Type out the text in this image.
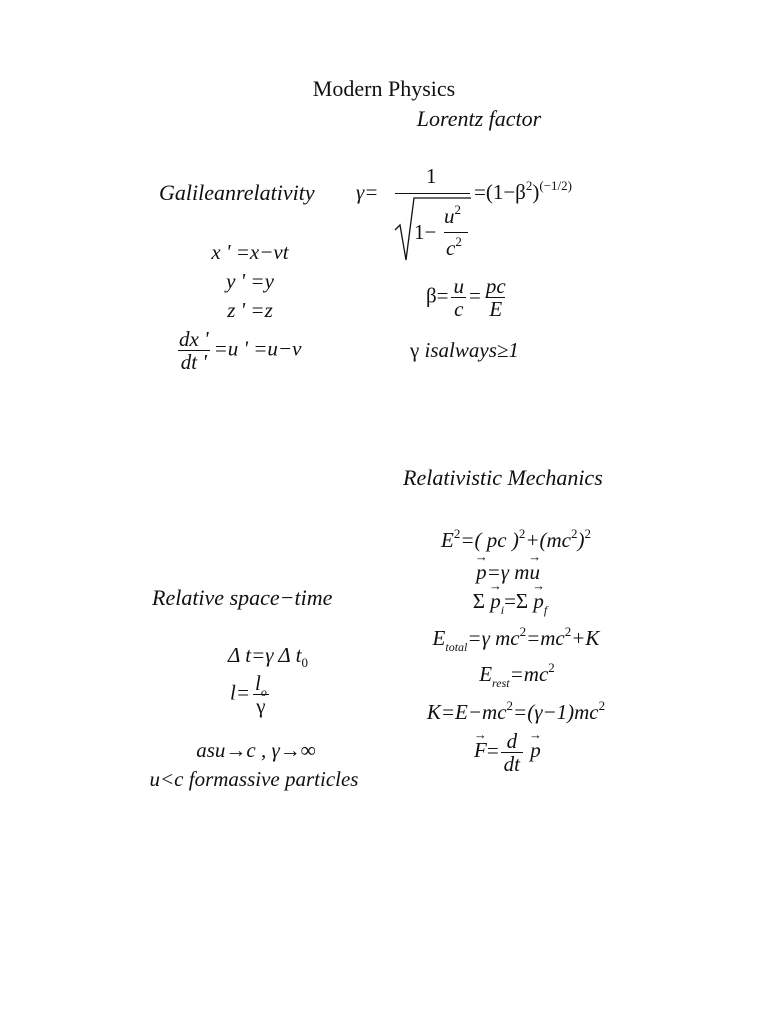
Modern Physics
Lorentz factor
Galileanrelativity
x ' =x−vt
y ' =y
z ' =z
$\frac{dx '}{dt '} =u$ ' =u−v
γ=
1
1−
$u^2$
$c^2$
$=(1-\beta^2)^{(-1/2)}$
$\beta= \frac{u}{c} = \frac{pc}{E}$
γ isalways≥1
Relativistic Mechanics
$E^2=$( pc )$^2+(mc^2)^2$
→ p=γ m→ u
$\Sigma \to p_i=\Sigma \to p_f$
$E_{total}=\gamma$ $mc^2=mc^2+K$
$E_{rest}=mc^2$
$K=E-mc^2=(\gamma-1)mc^2$
→ $F= \frac{d}{dt}$
→ p
Relative space−time
Δ t=γ Δ $t_0$
$l= \frac{l_o}{\gamma}$
asu→c , γ→∞
u<c formassive particles
